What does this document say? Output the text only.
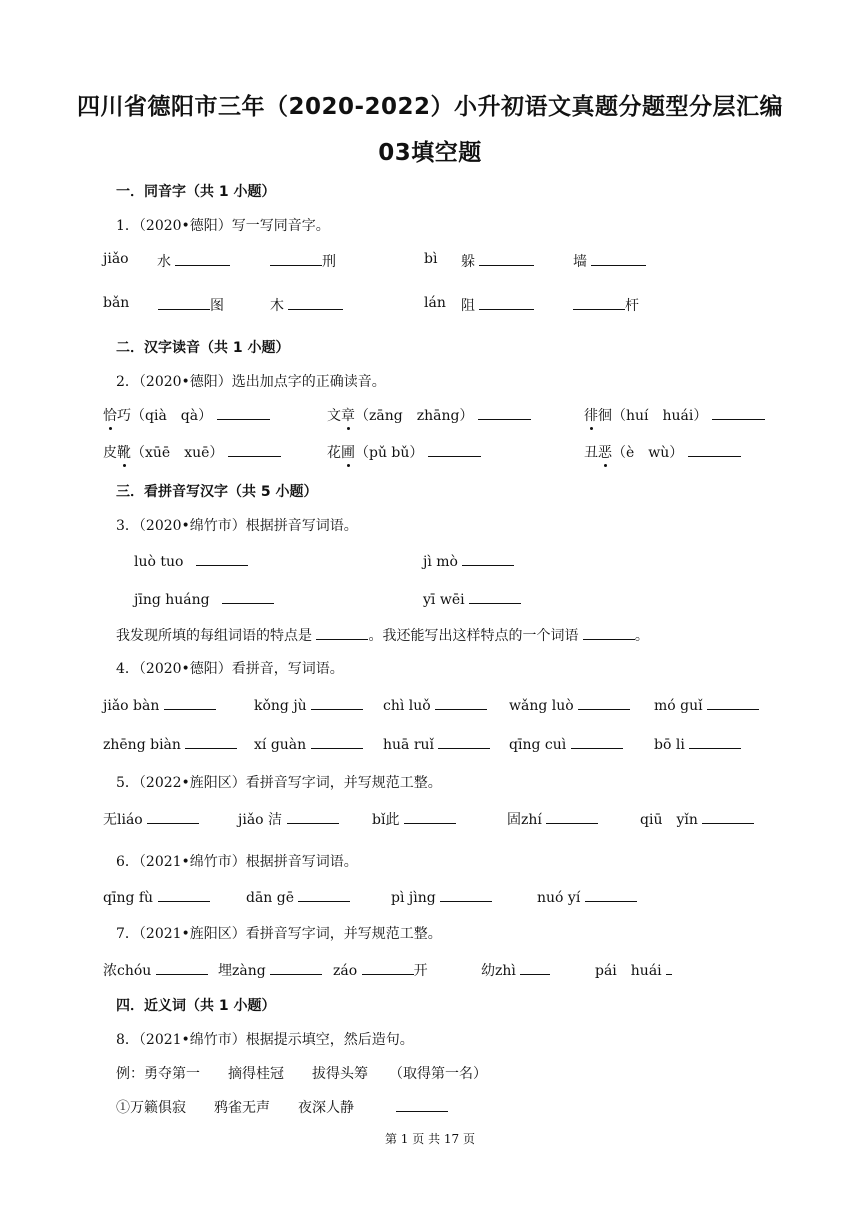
四川省德阳市三年（2020-2022）小升初语文真题分题型分层汇编
03填空题
一．同音字（共 1 小题）
1．（2020•德阳）写一写同音字。
jiǎo 水	刑	bì 躲	墙
bǎn	图	木	lán 阻	杆
二．汉字读音（共 1 小题）
2．（2020•德阳）选出加点字的正确读音。
恰巧（qià　qà）	文章（zāng　zhāng）	徘徊（huí　huái）
皮靴（xūē　xuē）	花圃（pǔ bǔ）	丑恶（è　wù）
三．看拼音写汉字（共 5 小题）
3．（2020•绵竹市）根据拼音写词语。
luò tuo	jì mò
jīng huáng	yī wēi
我发现所填的每组词语的特点是	。我还能写出这样特点的一个词语	。
4．（2020•德阳）看拼音，写词语。
jiǎo bàn	kǒng jù	chì luǒ	wǎng luò	mó guǐ
zhēng biàn	xí guàn	huā ruǐ	qīng cuì	bō li
5．（2022•旌阳区）看拼音写字词，并写规范工整。
无liáo	jiǎo 洁	bǐ此	固zhí	qiū　yǐn
6．（2021•绵竹市）根据拼音写词语。
qīng fù	dān gē	pì jìng	nuó yí
7．（2021•旌阳区）看拼音写字词，并写规范工整。
浓chóu	埋zàng	záo	开	幼zhì	pái　huái
四．近义词（共 1 小题）
8．（2021•绵竹市）根据提示填空，然后造句。
例：勇夺第一　　摘得桂冠　　拔得头筹　　（取得第一名）
①万籁俱寂　　鸦雀无声　　夜深人静　　　
第 1 页 共 17 页
